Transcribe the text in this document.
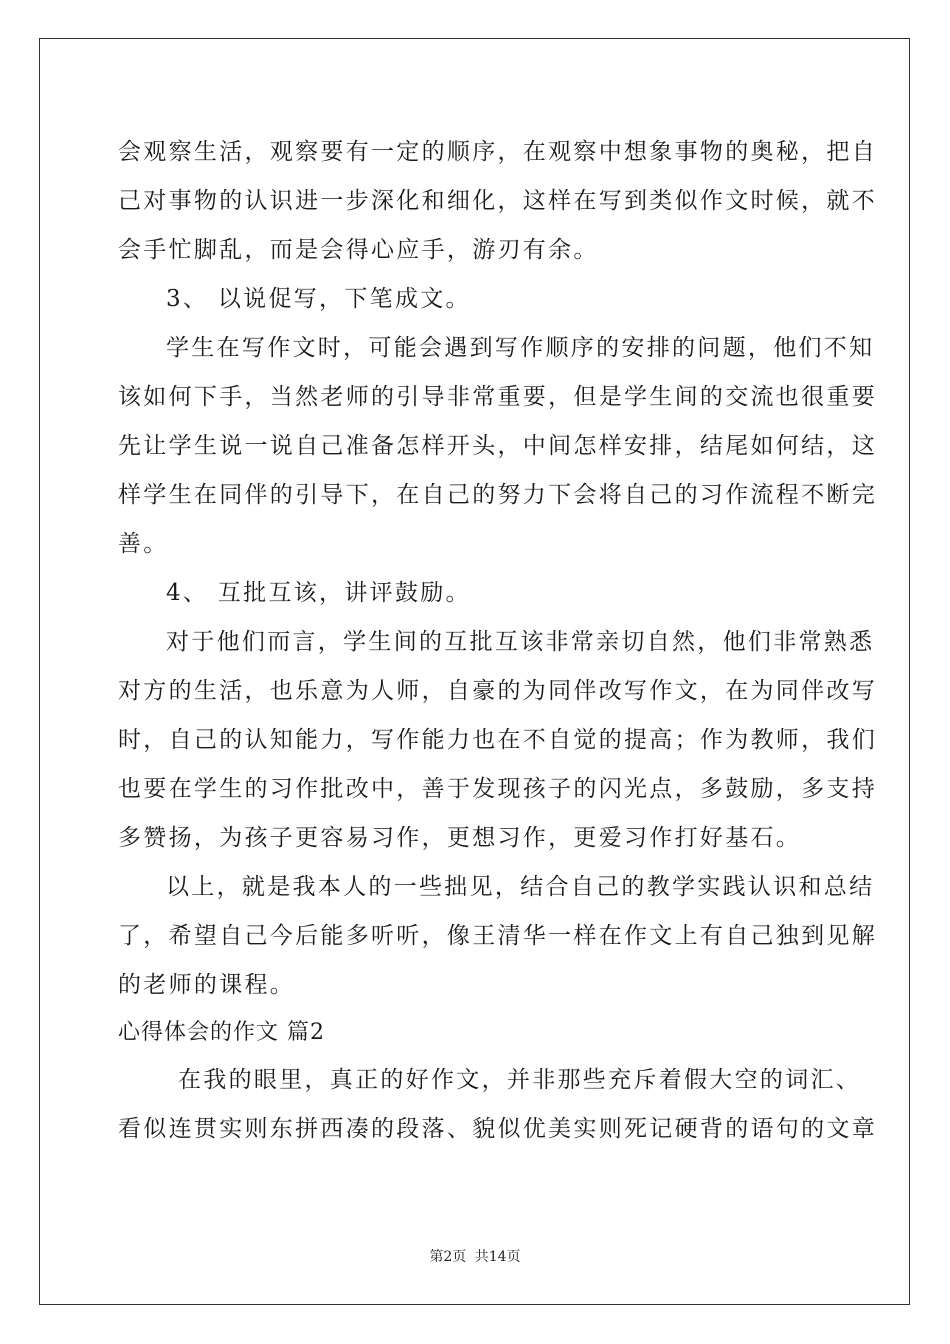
会观察生活，观察要有一定的顺序，在观察中想象事物的奥秘，把自
己对事物的认识进一步深化和细化，这样在写到类似作文时候，就不
会手忙脚乱，而是会得心应手，游刃有余。
3、 以说促写，下笔成文。
学生在写作文时，可能会遇到写作顺序的安排的问题，他们不知
该如何下手，当然老师的引导非常重要，但是学生间的交流也很重要
先让学生说一说自己准备怎样开头，中间怎样安排，结尾如何结，这
样学生在同伴的引导下，在自己的努力下会将自己的习作流程不断完
善。
4、 互批互该，讲评鼓励。
对于他们而言，学生间的互批互该非常亲切自然，他们非常熟悉
对方的生活，也乐意为人师，自豪的为同伴改写作文，在为同伴改写
时，自己的认知能力，写作能力也在不自觉的提高；作为教师，我们
也要在学生的习作批改中，善于发现孩子的闪光点，多鼓励，多支持
多赞扬，为孩子更容易习作，更想习作，更爱习作打好基石。
以上，就是我本人的一些拙见，结合自己的教学实践认识和总结
了，希望自己今后能多听听，像王清华一样在作文上有自己独到见解
的老师的课程。
心得体会的作文 篇2
在我的眼里，真正的好作文，并非那些充斥着假大空的词汇、
看似连贯实则东拼西凑的段落、貌似优美实则死记硬背的语句的文章
第2页 共14页
